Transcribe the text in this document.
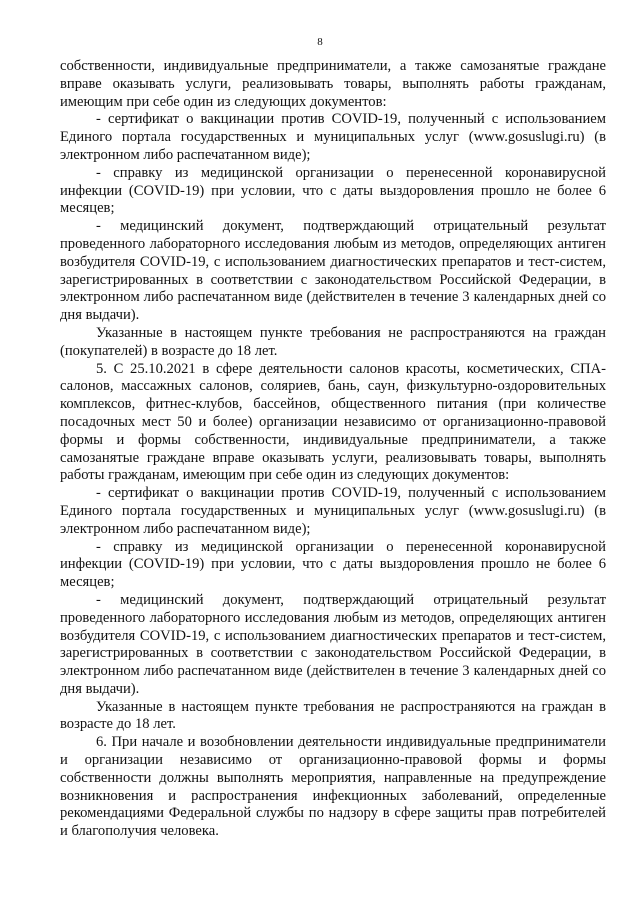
8

собственности, индивидуальные предприниматели, а также самозанятые граждане вправе оказывать услуги, реализовывать товары, выполнять работы гражданам, имеющим при себе один из следующих документов:

- сертификат о вакцинации против COVID-19, полученный с использованием Единого портала государственных и муниципальных услуг (www.gosuslugi.ru) (в электронном либо распечатанном виде);

- справку из медицинской организации о перенесенной коронавирусной инфекции (COVID-19) при условии, что с даты выздоровления прошло не более 6 месяцев;

- медицинский документ, подтверждающий отрицательный результат проведенного лабораторного исследования любым из методов, определяющих антиген возбудителя COVID-19, с использованием диагностических препаратов и тест-систем, зарегистрированных в соответствии с законодательством Российской Федерации, в электронном либо распечатанном виде (действителен в течение 3 календарных дней со дня выдачи).

Указанные в настоящем пункте требования не распространяются на граждан (покупателей) в возрасте до 18 лет.

5. С 25.10.2021 в сфере деятельности салонов красоты, косметических, СПА-салонов, массажных салонов, соляриев, бань, саун, физкультурно-оздоровительных комплексов, фитнес-клубов, бассейнов, общественного питания (при количестве посадочных мест 50 и более) организации независимо от организационно-правовой формы и формы собственности, индивидуальные предприниматели, а также самозанятые граждане вправе оказывать услуги, реализовывать товары, выполнять работы гражданам, имеющим при себе один из следующих документов:

- сертификат о вакцинации против COVID-19, полученный с использованием Единого портала государственных и муниципальных услуг (www.gosuslugi.ru) (в электронном либо распечатанном виде);

- справку из медицинской организации о перенесенной коронавирусной инфекции (COVID-19) при условии, что с даты выздоровления прошло не более 6 месяцев;

- медицинский документ, подтверждающий отрицательный результат проведенного лабораторного исследования любым из методов, определяющих антиген возбудителя COVID-19, с использованием диагностических препаратов и тест-систем, зарегистрированных в соответствии с законодательством Российской Федерации, в электронном либо распечатанном виде (действителен в течение 3 календарных дней со дня выдачи).

Указанные в настоящем пункте требования не распространяются на граждан в возрасте до 18 лет.

6. При начале и возобновлении деятельности индивидуальные предприниматели и организации независимо от организационно-правовой формы и формы собственности должны выполнять мероприятия, направленные на предупреждение возникновения и распространения инфекционных заболеваний, определенные рекомендациями Федеральной службы по надзору в сфере защиты прав потребителей и благополучия человека.
